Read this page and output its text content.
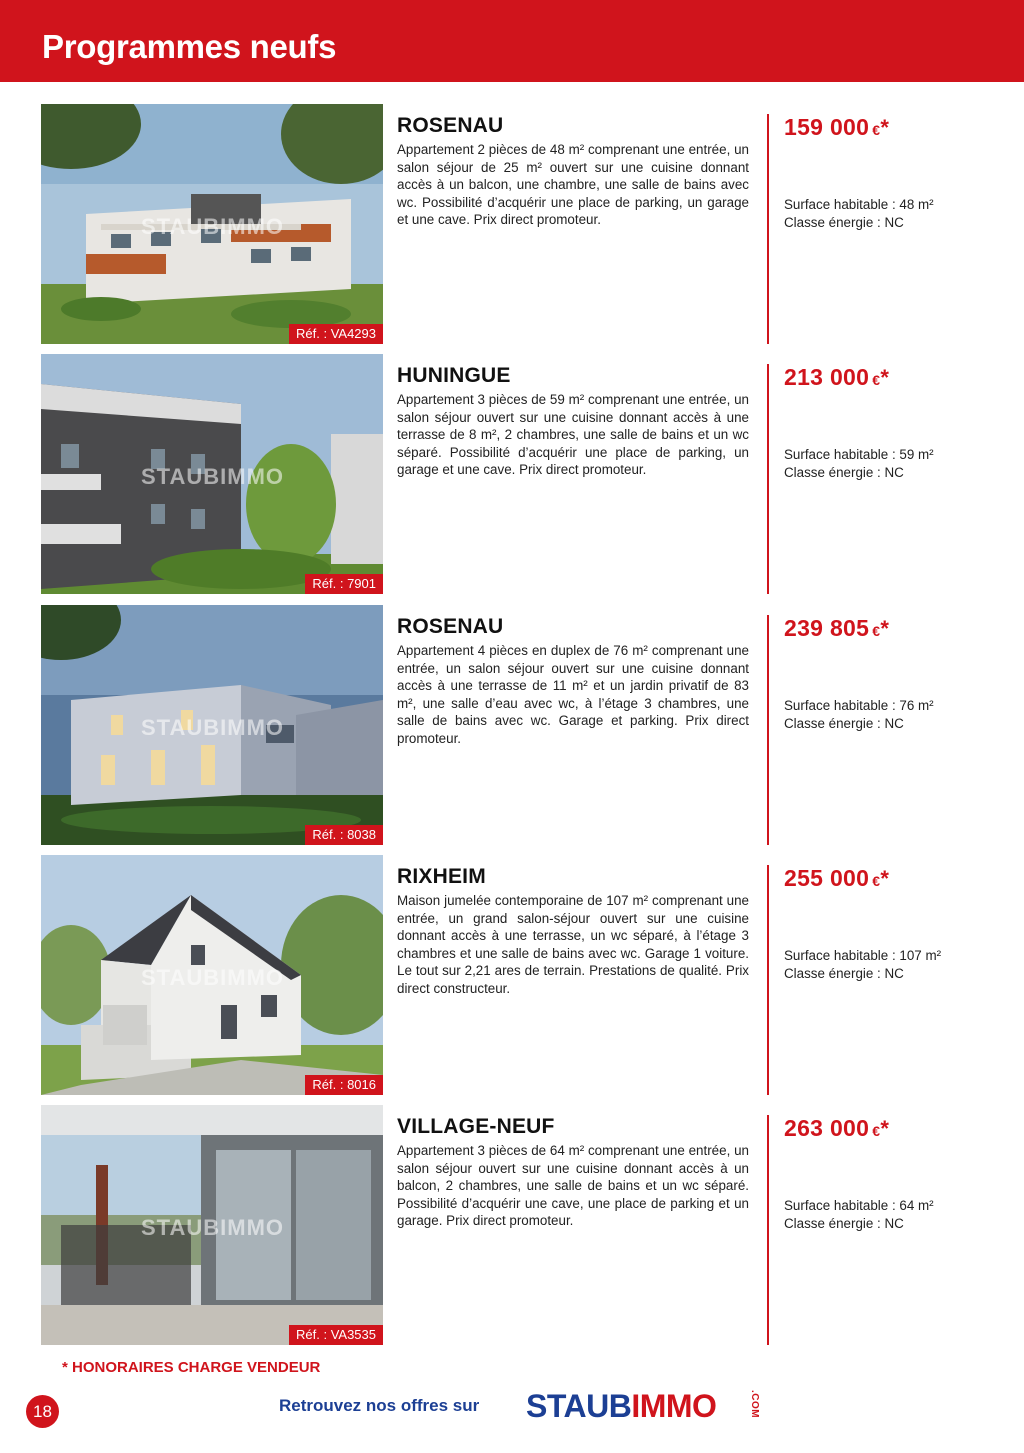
Programmes neufs
STAUBIMMO
Réf. : VA4293
ROSENAU
Appartement 2 pièces de 48 m² comprenant une entrée, un salon séjour de 25 m² ouvert sur une cuisine donnant accès à un balcon, une chambre, une salle de bains avec wc. Possibilité d’acquérir une place de parking, un garage et une cave. Prix direct promoteur.
159 000 €*
Surface habitable : 48 m²
Classe énergie : NC
STAUBIMMO
Réf. : 7901
HUNINGUE
Appartement 3 pièces de 59 m² comprenant une entrée, un salon séjour ouvert sur une cuisine donnant accès à une terrasse de 8 m², 2 chambres, une salle de bains et un wc séparé. Possibilité d’acquérir une place de parking, un garage et une cave. Prix direct promoteur.
213 000 €*
Surface habitable : 59 m²
Classe énergie : NC
STAUBIMMO
Réf. : 8038
ROSENAU
Appartement 4 pièces en duplex de 76 m² comprenant une entrée, un salon séjour ouvert sur une cuisine donnant accès à une terrasse de 11 m² et un jardin privatif de 83 m², une salle d’eau avec wc, à l’étage 3 chambres, une salle de bains avec wc. Garage et parking. Prix direct promoteur.
239 805 €*
Surface habitable : 76 m²
Classe énergie : NC
STAUBIMMO
Réf. : 8016
RIXHEIM
Maison jumelée contemporaine de 107 m² comprenant une entrée, un grand salon-séjour ouvert sur une cuisine donnant accès à une terrasse, un wc séparé, à l’étage 3 chambres et une salle de bains avec wc. Garage 1 voiture. Le tout sur 2,21 ares de terrain. Prestations de qualité. Prix direct constructeur.
255 000 €*
Surface habitable : 107 m²
Classe énergie : NC
STAUBIMMO
Réf. : VA3535
VILLAGE-NEUF
Appartement 3 pièces de 64 m² comprenant une entrée, un salon séjour ouvert sur une cuisine donnant accès à un balcon, 2 chambres, une salle de bains et un wc séparé. Possibilité d’acquérir une cave, une place de parking et un garage. Prix direct promoteur.
263 000 €*
Surface habitable : 64 m²
Classe énergie : NC
* HONORAIRES CHARGE VENDEUR
18	Retrouvez nos offres sur STAUBIMMO	.COM
